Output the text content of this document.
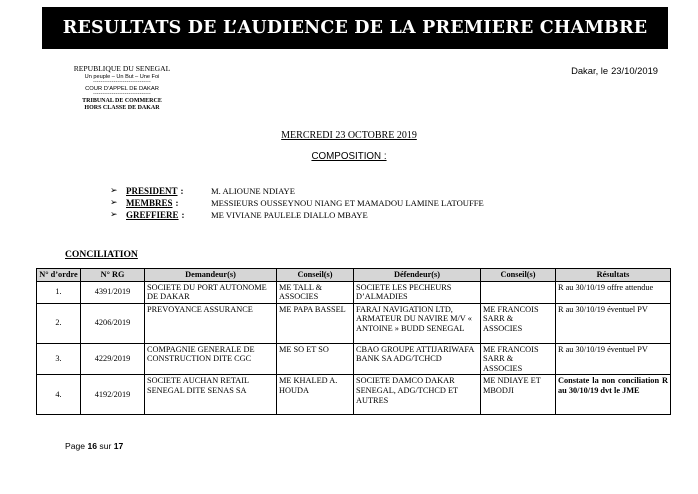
RESULTATS DE L’AUDIENCE DE LA PREMIERE CHAMBRE
REPUBLIQUE DU SENEGAL
Un peuple – Un But – Une Foi
-------------------------------
COUR D’APPEL DE DAKAR
-------------------------------
TRIBUNAL DE COMMERCE
HORS CLASSE DE DAKAR
Dakar, le 23/10/2019
MERCREDI 23 OCTOBRE 2019
COMPOSITION :
➢ PRESIDENT :	M. ALIOUNE NDIAYE
➢ MEMBRES :	MESSIEURS OUSSEYNOU NIANG ET MAMADOU LAMINE LATOUFFE
➢ GREFFIERE :	ME VIVIANE PAULELE DIALLO MBAYE
CONCILIATION
N° d’ordre	N° RG	Demandeur(s)	Conseil(s)	Défendeur(s)	Conseil(s)	Résultats
1.	4391/2019	SOCIETE DU PORT AUTONOME DE DAKAR	ME TALL & ASSOCIES	SOCIETE LES PECHEURS D’ALMADIES		R au 30/10/19 offre attendue
2.	4206/2019	PREVOYANCE ASSURANCE	ME PAPA BASSEL	FARAJ NAVIGATION LTD, ARMATEUR DU NAVIRE M/V « ANTOINE » BUDD SENEGAL	ME FRANCOIS SARR & ASSOCIES	R au 30/10/19 éventuel PV
3.	4229/2019	COMPAGNIE GENERALE DE CONSTRUCTION DITE CGC	ME SO ET SO	CBAO GROUPE ATTIJARIWAFA BANK SA ADG/TCHCD	ME FRANCOIS SARR & ASSOCIES	R au 30/10/19 éventuel PV
4.	4192/2019	SOCIETE AUCHAN RETAIL SENEGAL DITE SENAS SA	ME KHALED A. HOUDA	SOCIETE DAMCO DAKAR SENEGAL, ADG/TCHCD ET AUTRES	ME NDIAYE ET MBODJI	Constate la non conciliation R au 30/10/19 dvt le JME
Page 16 sur 17
